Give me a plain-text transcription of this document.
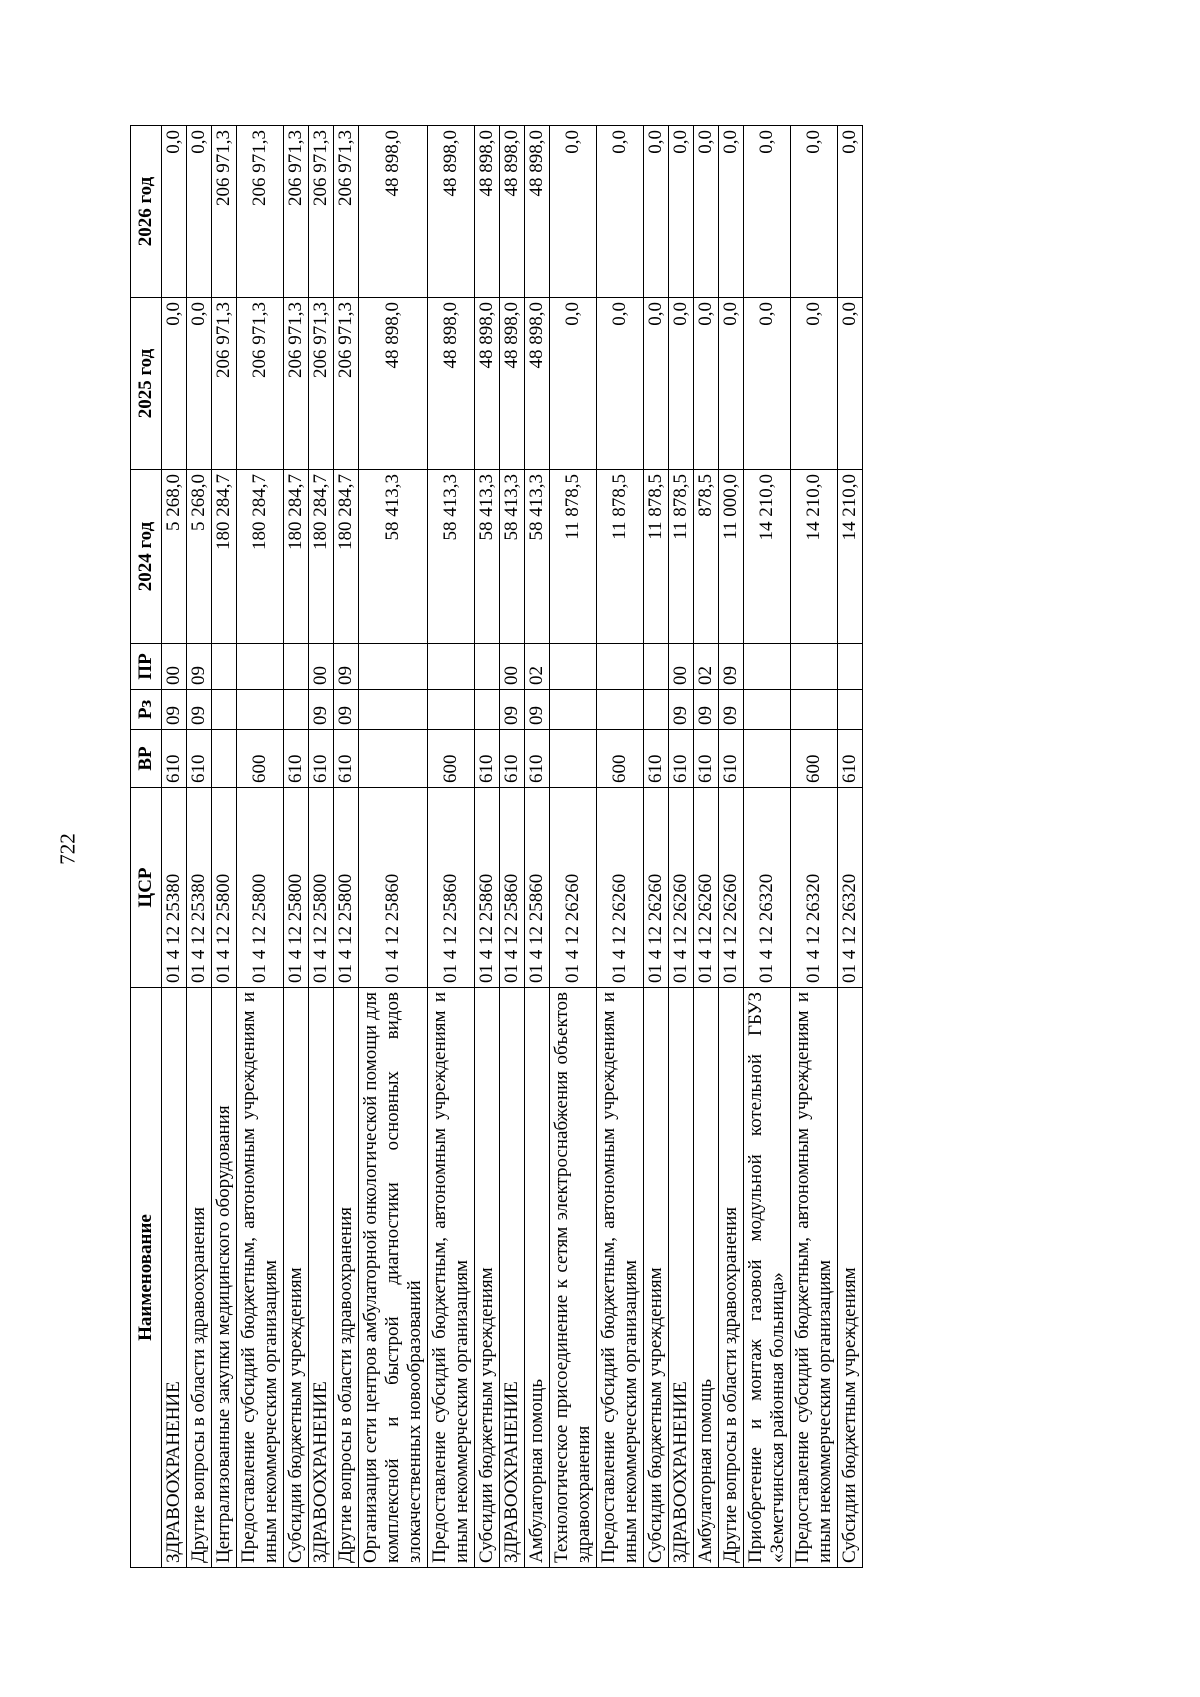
722
Наименование	ЦСР	ВР	Рз	ПР	2024 год	2025 год	2026 год
ЗДРАВООХРАНЕНИЕ	01 4 12 25380	610	09	00	5 268,0	0,0	0,0
Другие вопросы в области здравоохранения	01 4 12 25380	610	09	09	5 268,0	0,0	0,0
Централизованные закупки медицинского оборудования	01 4 12 25800				180 284,7	206 971,3	206 971,3
Предоставление субсидий бюджетным, автономным учреждениям и иным некоммерческим организациям	01 4 12 25800	600			180 284,7	206 971,3	206 971,3
Субсидии бюджетным учреждениям	01 4 12 25800	610			180 284,7	206 971,3	206 971,3
ЗДРАВООХРАНЕНИЕ	01 4 12 25800	610	09	00	180 284,7	206 971,3	206 971,3
Другие вопросы в области здравоохранения	01 4 12 25800	610	09	09	180 284,7	206 971,3	206 971,3
Организация сети центров амбулаторной онкологической помощи для комплексной и быстрой диагностики основных видов злокачественных новообразований	01 4 12 25860				58 413,3	48 898,0	48 898,0
Предоставление субсидий бюджетным, автономным учреждениям и иным некоммерческим организациям	01 4 12 25860	600			58 413,3	48 898,0	48 898,0
Субсидии бюджетным учреждениям	01 4 12 25860	610			58 413,3	48 898,0	48 898,0
ЗДРАВООХРАНЕНИЕ	01 4 12 25860	610	09	00	58 413,3	48 898,0	48 898,0
Амбулаторная помощь	01 4 12 25860	610	09	02	58 413,3	48 898,0	48 898,0
Технологическое присоединение к сетям электроснабжения объектов здравоохранения	01 4 12 26260				11 878,5	0,0	0,0
Предоставление субсидий бюджетным, автономным учреждениям и иным некоммерческим организациям	01 4 12 26260	600			11 878,5	0,0	0,0
Субсидии бюджетным учреждениям	01 4 12 26260	610			11 878,5	0,0	0,0
ЗДРАВООХРАНЕНИЕ	01 4 12 26260	610	09	00	11 878,5	0,0	0,0
Амбулаторная помощь	01 4 12 26260	610	09	02	878,5	0,0	0,0
Другие вопросы в области здравоохранения	01 4 12 26260	610	09	09	11 000,0	0,0	0,0
Приобретение и монтаж газовой модульной котельной ГБУЗ «Земетчинская районная больница»	01 4 12 26320				14 210,0	0,0	0,0
Предоставление субсидий бюджетным, автономным учреждениям и иным некоммерческим организациям	01 4 12 26320	600			14 210,0	0,0	0,0
Субсидии бюджетным учреждениям	01 4 12 26320	610			14 210,0	0,0	0,0
